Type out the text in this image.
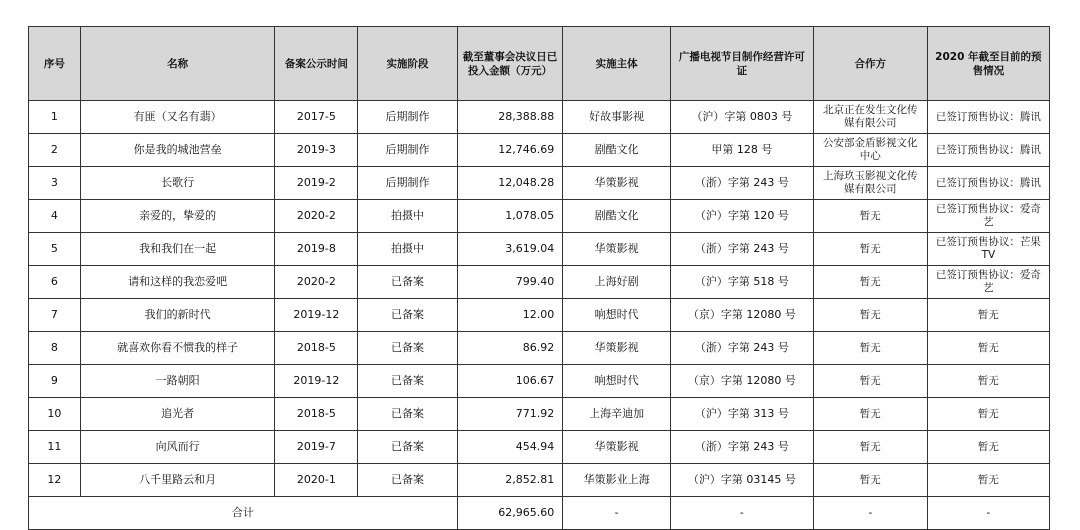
序号	名称	备案公示时间	实施阶段	截至董事会决议日已投入金额（万元）	实施主体	广播电视节目制作经营许可证	合作方	2020 年截至目前的预售情况
1	有匪（又名有翡）	2017-5	后期制作	28,388.88	好故事影视	（沪）字第 0803 号	北京正在发生文化传媒有限公司	已签订预售协议：腾讯
2	你是我的城池营垒	2019-3	后期制作	12,746.69	剧酷文化	甲第 128 号	公安部金盾影视文化中心	已签订预售协议：腾讯
3	长歌行	2019-2	后期制作	12,048.28	华策影视	（浙）字第 243 号	上海玖玉影视文化传媒有限公司	已签订预售协议：腾讯
4	亲爱的，挚爱的	2020-2	拍摄中	1,078.05	剧酷文化	（沪）字第 120 号	暂无	已签订预售协议：爱奇艺
5	我和我们在一起	2019-8	拍摄中	3,619.04	华策影视	（浙）字第 243 号	暂无	已签订预售协议：芒果 TV
6	请和这样的我恋爱吧	2020-2	已备案	799.40	上海好剧	（沪）字第 518 号	暂无	已签订预售协议：爱奇艺
7	我们的新时代	2019-12	已备案	12.00	响想时代	（京）字第 12080 号	暂无	暂无
8	就喜欢你看不惯我的样子	2018-5	已备案	86.92	华策影视	（浙）字第 243 号	暂无	暂无
9	一路朝阳	2019-12	已备案	106.67	响想时代	（京）字第 12080 号	暂无	暂无
10	追光者	2018-5	已备案	771.92	上海辛迪加	（沪）字第 313 号	暂无	暂无
11	向风而行	2019-7	已备案	454.94	华策影视	（浙）字第 243 号	暂无	暂无
12	八千里路云和月	2020-1	已备案	2,852.81	华策影业上海	（沪）字第 03145 号	暂无	暂无
合计				62,965.60	-	-	-	-
